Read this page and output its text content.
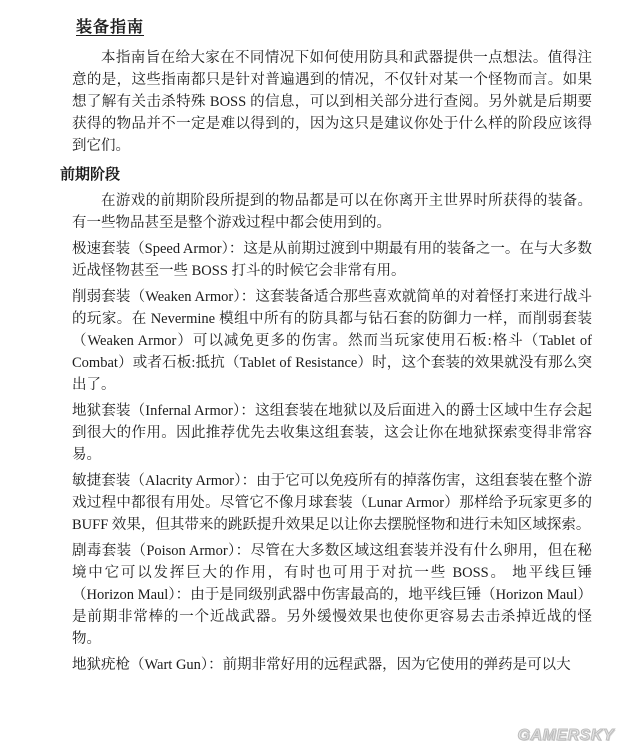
装备指南
本指南旨在给大家在不同情况下如何使用防具和武器提供一点想法。值得注意的是，这些指南都只是针对普遍遇到的情况，不仅针对某一个怪物而言。如果想了解有关击杀特殊 BOSS 的信息，可以到相关部分进行查阅。另外就是后期要获得的物品并不一定是难以得到的，因为这只是建议你处于什么样的阶段应该得到它们。
前期阶段
在游戏的前期阶段所提到的物品都是可以在你离开主世界时所获得的装备。有一些物品甚至是整个游戏过程中都会使用到的。
极速套装（Speed Armor）：这是从前期过渡到中期最有用的装备之一。在与大多数近战怪物甚至一些 BOSS 打斗的时候它会非常有用。
削弱套装（Weaken Armor）：这套装备适合那些喜欢就简单的对着怪打来进行战斗的玩家。在 Nevermine 模组中所有的防具都与钻石套的防御力一样，而削弱套装（Weaken Armor）可以减免更多的伤害。然而当玩家使用石板:格斗（Tablet of Combat）或者石板:抵抗（Tablet of Resistance）时，这个套装的效果就没有那么突出了。
地狱套装（Infernal Armor）：这组套装在地狱以及后面进入的爵士区域中生存会起到很大的作用。因此推荐优先去收集这组套装，这会让你在地狱探索变得非常容易。
敏捷套装（Alacrity Armor）：由于它可以免疫所有的掉落伤害，这组套装在整个游戏过程中都很有用处。尽管它不像月球套装（Lunar Armor）那样给予玩家更多的 BUFF 效果，但其带来的跳跃提升效果足以让你去摆脱怪物和进行未知区域探索。
剧毒套装（Poison Armor）：尽管在大多数区域这组套装并没有什么卵用，但在秘境中它可以发挥巨大的作用，有时也可用于对抗一些 BOSS。 地平线巨锤（Horizon Maul）：由于是同级别武器中伤害最高的，地平线巨锤（Horizon Maul）是前期非常棒的一个近战武器。另外缓慢效果也使你更容易去击杀掉近战的怪物。
地狱疣枪（Wart Gun）：前期非常好用的远程武器，因为它使用的弹药是可以大
GAMERSKY
